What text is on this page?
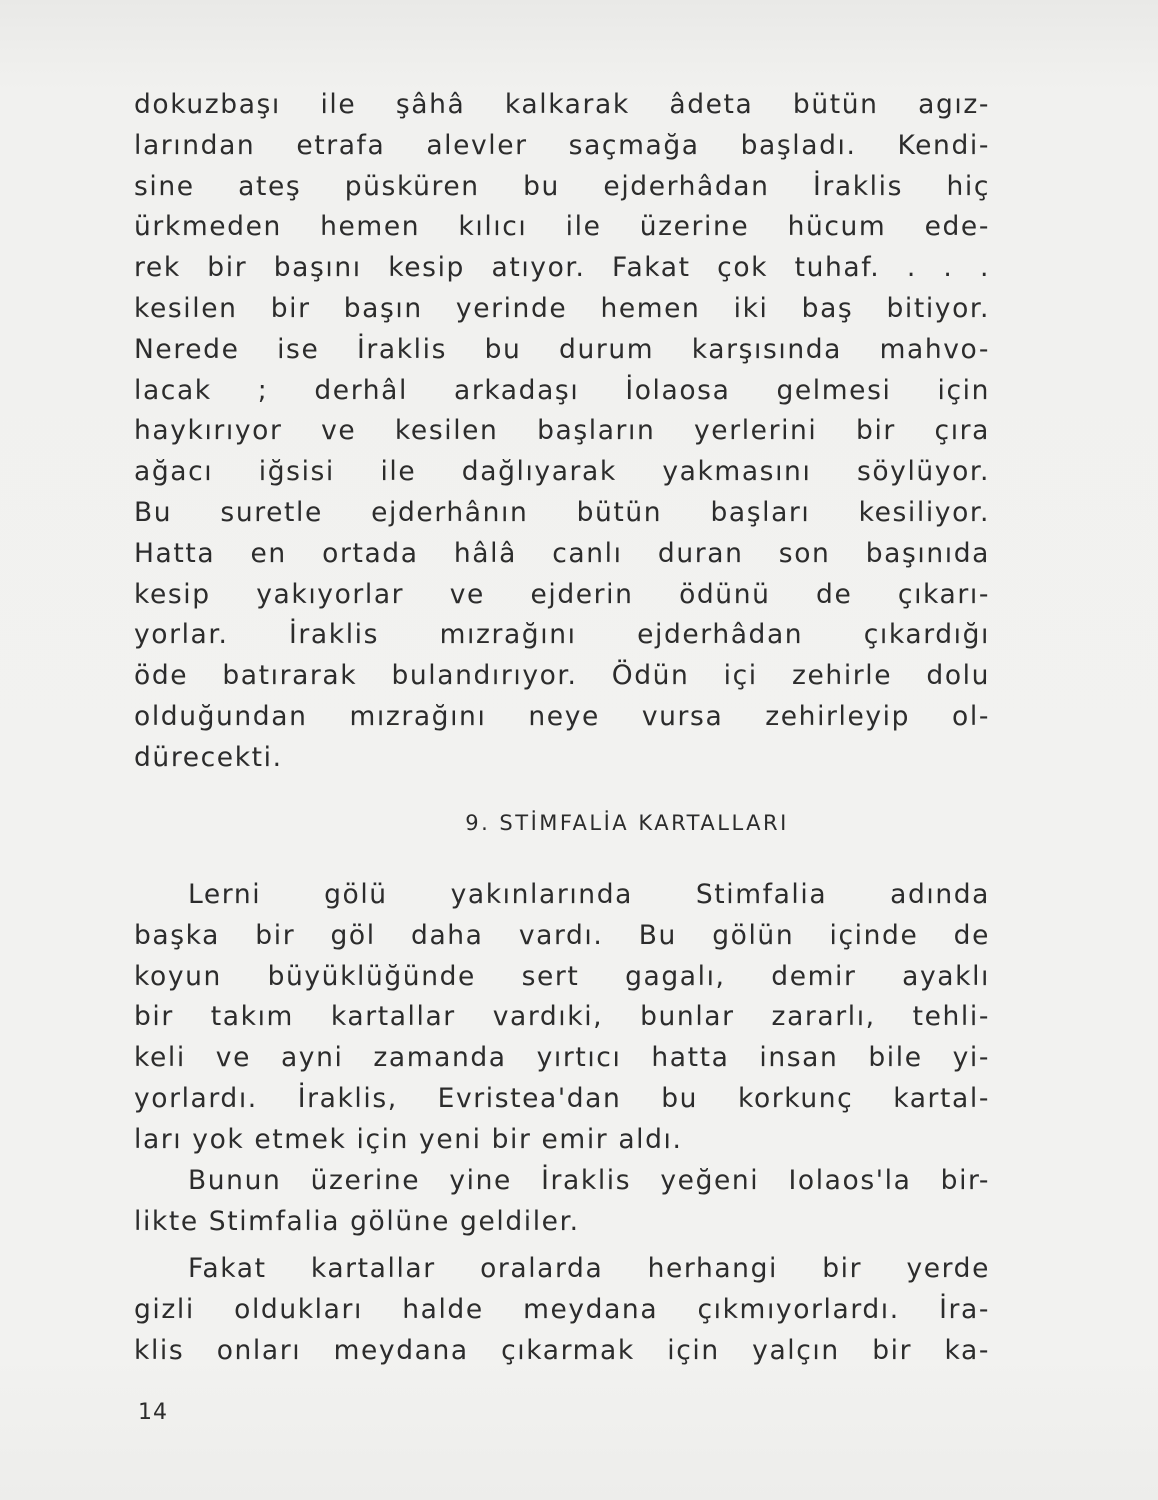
dokuzbaşı ile şâhâ kalkarak âdeta bütün agız-
larından etrafa alevler saçmağa başladı. Kendi-
sine ateş püsküren bu ejderhâdan İraklis hiç
ürkmeden hemen kılıcı ile üzerine hücum ede-
rek bir başını kesip atıyor. Fakat çok tuhaf. . . .
kesilen bir başın yerinde hemen iki baş bitiyor.
Nerede ise İraklis bu durum karşısında mahvo-
lacak ; derhâl arkadaşı İolaosa gelmesi için
haykırıyor ve kesilen başların yerlerini bir çıra
ağacı iğsisi ile dağlıyarak yakmasını söylüyor.
Bu suretle ejderhânın bütün başları kesiliyor.
Hatta en ortada hâlâ canlı duran son başınıda
kesip yakıyorlar ve ejderin ödünü de çıkarı-
yorlar. İraklis mızrağını ejderhâdan çıkardığı
öde batırarak bulandırıyor. Ödün içi zehirle dolu
olduğundan mızrağını neye vursa zehirleyip ol-
dürecekti.
9. STİMFALİA KARTALLARI
Lerni gölü yakınlarında Stimfalia adında
başka bir göl daha vardı. Bu gölün içinde de
koyun büyüklüğünde sert gagalı, demir ayaklı
bir takım kartallar vardıki, bunlar zararlı, tehli-
keli ve ayni zamanda yırtıcı hatta insan bile yi-
yorlardı. İraklis, Evristea'dan bu korkunç kartal-
ları yok etmek için yeni bir emir aldı.
Bunun üzerine yine İraklis yeğeni Iolaos'la bir-
likte Stimfalia gölüne geldiler.
Fakat kartallar oralarda herhangi bir yerde
gizli oldukları halde meydana çıkmıyorlardı. İra-
klis onları meydana çıkarmak için yalçın bir ka-
14
